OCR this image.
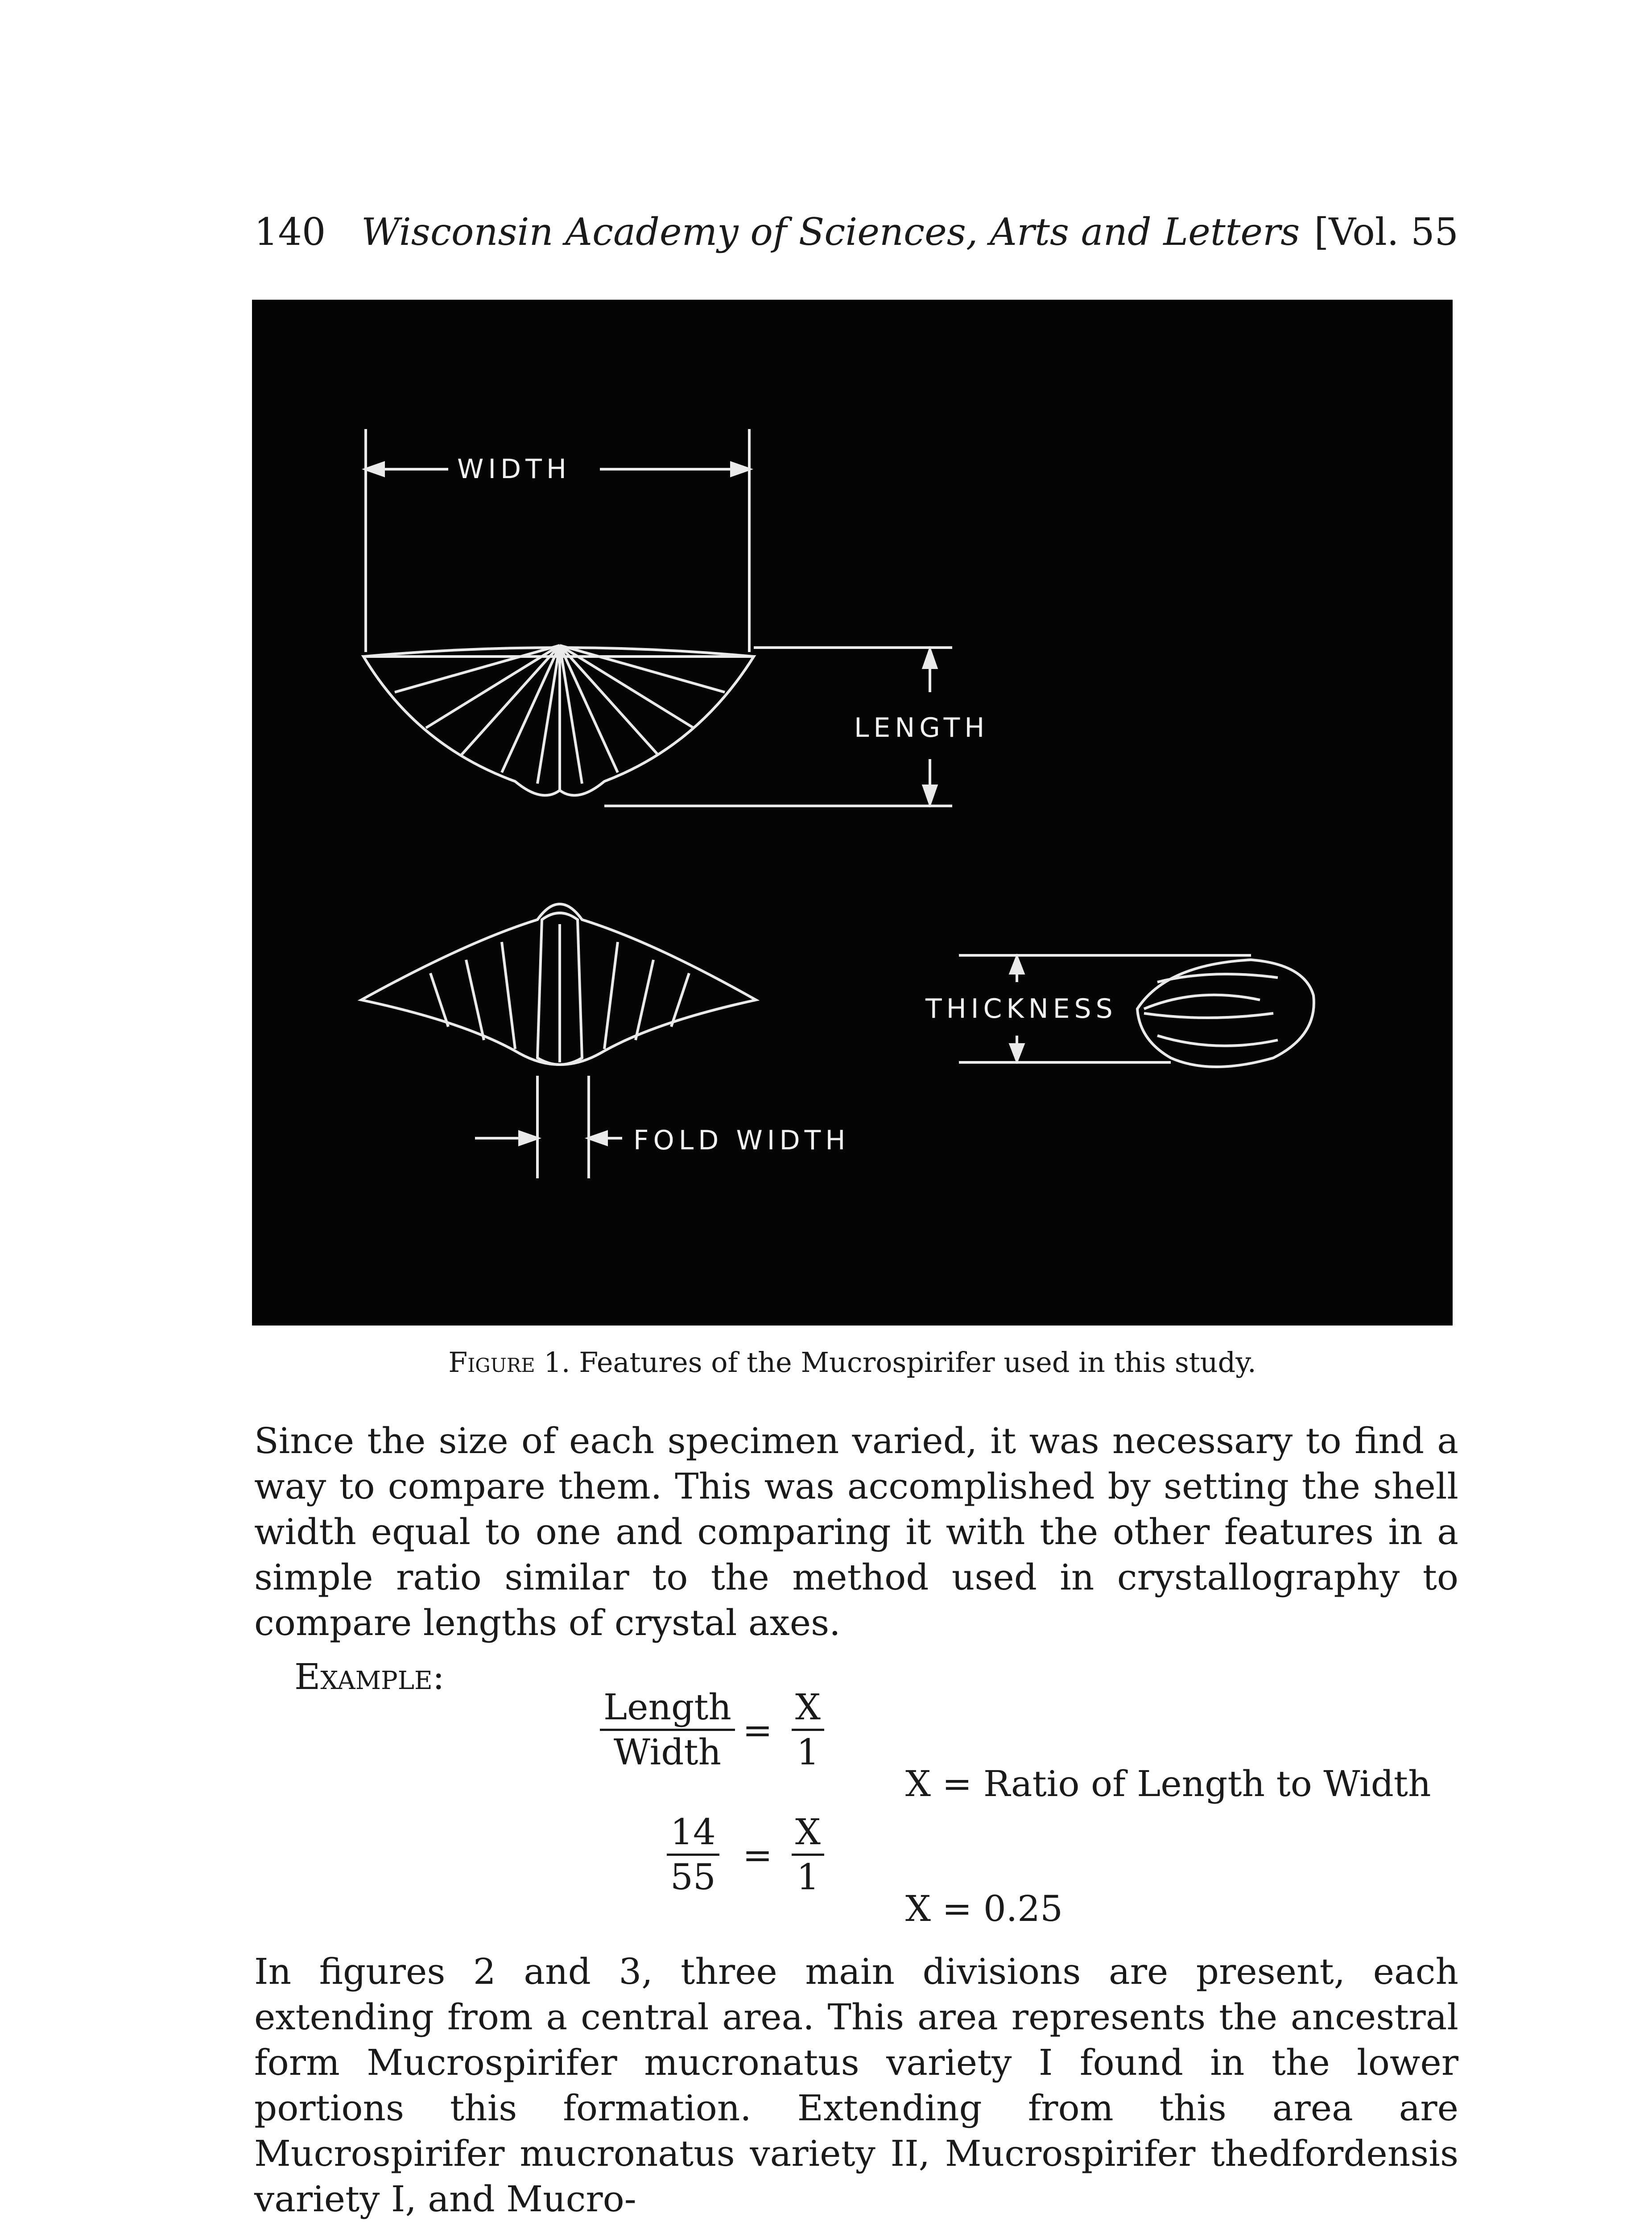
140 Wisconsin Academy of Sciences, Arts and Letters [Vol. 55
WIDTH
LENGTH
THICKNESS
FOLD WIDTH
Figure 1. Features of the Mucrospirifer used in this study.
Since the size of each specimen varied, it was necessary to find a way to compare them. This was accomplished by setting the shell width equal to one and comparing it with the other features in a simple ratio similar to the method used in crystallography to compare lengths of crystal axes.
Example:
Length
Width
= $\frac{X}{1}$
X = Ratio of Length to Width
$\frac{14}{55} = \frac{X}{1}$
X = 0.25
In figures 2 and 3, three main divisions are present, each extending from a central area. This area represents the ancestral form Mucrospirifer mucronatus variety I found in the lower portions this formation. Extending from this area are Mucrospirifer mucronatus variety II, Mucrospirifer thedfordensis variety I, and Mucro-
